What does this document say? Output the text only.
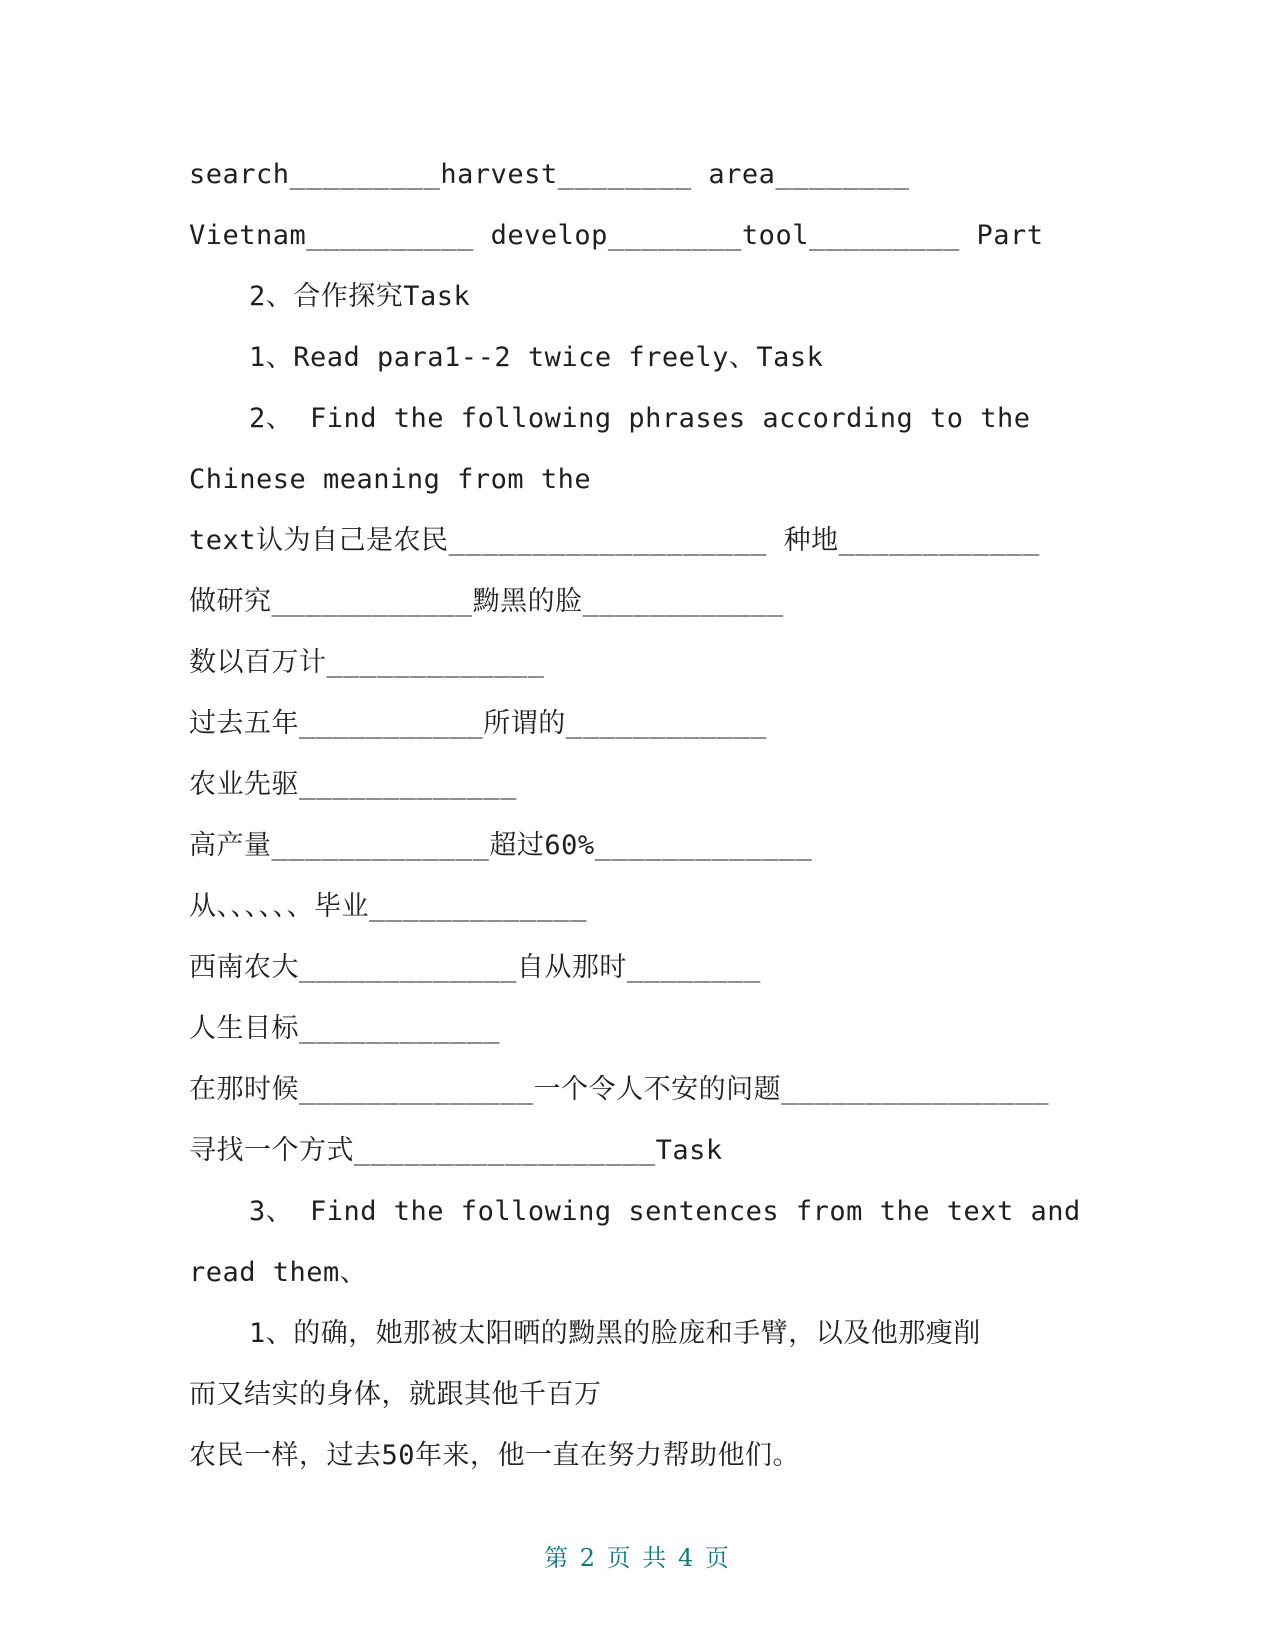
search_________harvest________ area________
Vietnam__________ develop________tool_________ Part
2、合作探究Task
1、Read para1--2 twice freely、Task
2、 Find the following phrases according to the
Chinese meaning from the
text认为自己是农民___________________ 种地____________
做研究____________黝黑的脸____________
数以百万计_____________
过去五年___________所谓的____________
农业先驱_____________
高产量_____________超过60%_____________
从、、、、、、毕业_____________
西南农大_____________自从那时________
人生目标____________
在那时候______________一个令人不安的问题________________
寻找一个方式__________________Task
3、 Find the following sentences from the text and
read them、
1、的确，她那被太阳晒的黝黑的脸庞和手臂，以及他那瘦削
而又结实的身体，就跟其他千百万
农民一样，过去50年来，他一直在努力帮助他们。
第 2 页 共 4 页
